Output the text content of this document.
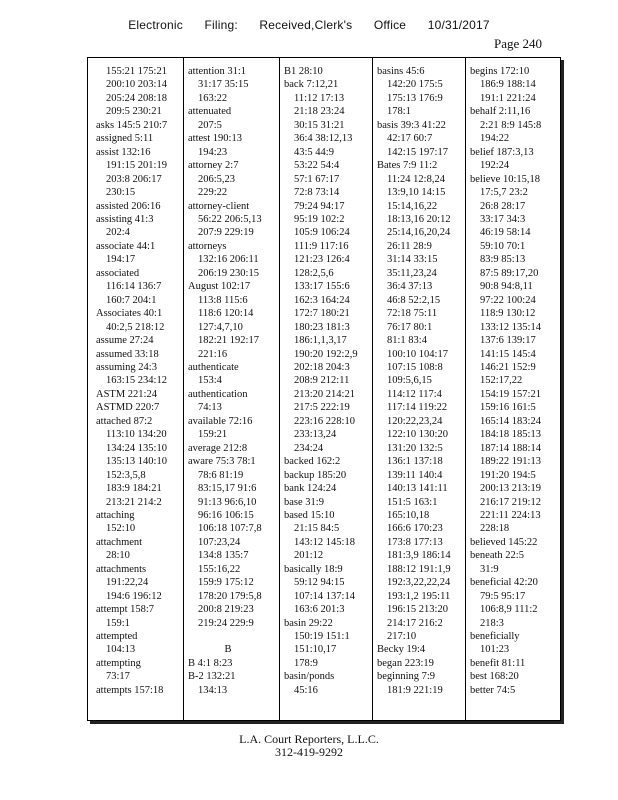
Electronic Filing: Received,Clerk's Office 10/31/2017
Page 240
155:21 175:21
200:10 203:14
205:24 208:18
209:5 230:21
asks 145:5 210:7
assigned 5:11
assist 132:16
191:15 201:19
203:8 206:17
230:15
assisted 206:16
assisting 41:3
202:4
associate 44:1
194:17
associated
116:14 136:7
160:7 204:1
Associates 40:1
40:2,5 218:12
assume 27:24
assumed 33:18
assuming 24:3
163:15 234:12
ASTM 221:24
ASTMD 220:7
attached 87:2
113:10 134:20
134:24 135:10
135:13 140:10
152:3,5,8
183:9 184:21
213:21 214:2
attaching
152:10
attachment
28:10
attachments
191:22,24
194:6 196:12
attempt 158:7
159:1
attempted
104:13
attempting
73:17
attempts 157:18
attention 31:1
31:17 35:15
163:22
attenuated
207:5
attest 190:13
194:23
attorney 2:7
206:5,23
229:22
attorney-client
56:22 206:5,13
207:9 229:19
attorneys
132:16 206:11
206:19 230:15
August 102:17
113:8 115:6
118:6 120:14
127:4,7,10
182:21 192:17
221:16
authenticate
153:4
authentication
74:13
available 72:16
159:21
average 212:8
aware 75:3 78:1
78:6 81:19
83:15,17 91:6
91:13 96:6,10
96:16 106:15
106:18 107:7,8
107:23,24
134:8 135:7
155:16,22
159:9 175:12
178:20 179:5,8
200:8 219:23
219:24 229:9
B
B 4:1 8:23
B-2 132:21
134:13
B1 28:10
back 7:12,21
11:12 17:13
21:18 23:24
30:15 31:21
36:4 38:12,13
43:5 44:9
53:22 54:4
57:1 67:17
72:8 73:14
79:24 94:17
95:19 102:2
105:9 106:24
111:9 117:16
121:23 126:4
128:2,5,6
133:17 155:6
162:3 164:24
172:7 180:21
180:23 181:3
186:1,1,3,17
190:20 192:2,9
202:18 204:3
208:9 212:11
213:20 214:21
217:5 222:19
223:16 228:10
233:13,24
234:24
backed 162:2
backup 185:20
bank 124:24
base 31:9
based 15:10
21:15 84:5
143:12 145:18
201:12
basically 18:9
59:12 94:15
107:14 137:14
163:6 201:3
basin 29:22
150:19 151:1
151:10,17
178:9
basin/ponds
45:16
basins 45:6
142:20 175:5
175:13 176:9
178:1
basis 39:3 41:22
42:17 60:7
142:15 197:17
Bates 7:9 11:2
11:24 12:8,24
13:9,10 14:15
15:14,16,22
18:13,16 20:12
25:14,16,20,24
26:11 28:9
31:14 33:15
35:11,23,24
36:4 37:13
46:8 52:2,15
72:18 75:11
76:17 80:1
81:1 83:4
100:10 104:17
107:15 108:8
109:5,6,15
114:12 117:4
117:14 119:22
120:22,23,24
122:10 130:20
131:20 132:5
136:1 137:18
139:11 140:4
140:13 141:11
151:5 163:1
165:10,18
166:6 170:23
173:8 177:13
181:3,9 186:14
188:12 191:1,9
192:3,22,22,24
193:1,2 195:11
196:15 213:20
214:17 216:2
217:10
Becky 19:4
began 223:19
beginning 7:9
181:9 221:19
begins 172:10
186:9 188:14
191:1 221:24
behalf 2:11,16
2:21 8:9 145:8
194:22
belief 187:3,13
192:24
believe 10:15,18
17:5,7 23:2
26:8 28:17
33:17 34:3
46:19 58:14
59:10 70:1
83:9 85:13
87:5 89:17,20
90:8 94:8,11
97:22 100:24
118:9 130:12
133:12 135:14
137:6 139:17
141:15 145:4
146:21 152:9
152:17,22
154:19 157:21
159:16 161:5
165:14 183:24
184:18 185:13
187:14 188:14
189:22 191:13
191:20 194:5
200:13 213:19
216:17 219:12
221:11 224:13
228:18
believed 145:22
beneath 22:5
31:9
beneficial 42:20
79:5 95:17
106:8,9 111:2
218:3
beneficially
101:23
benefit 81:11
best 168:20
better 74:5
L.A. Court Reporters, L.L.C.
312-419-9292
